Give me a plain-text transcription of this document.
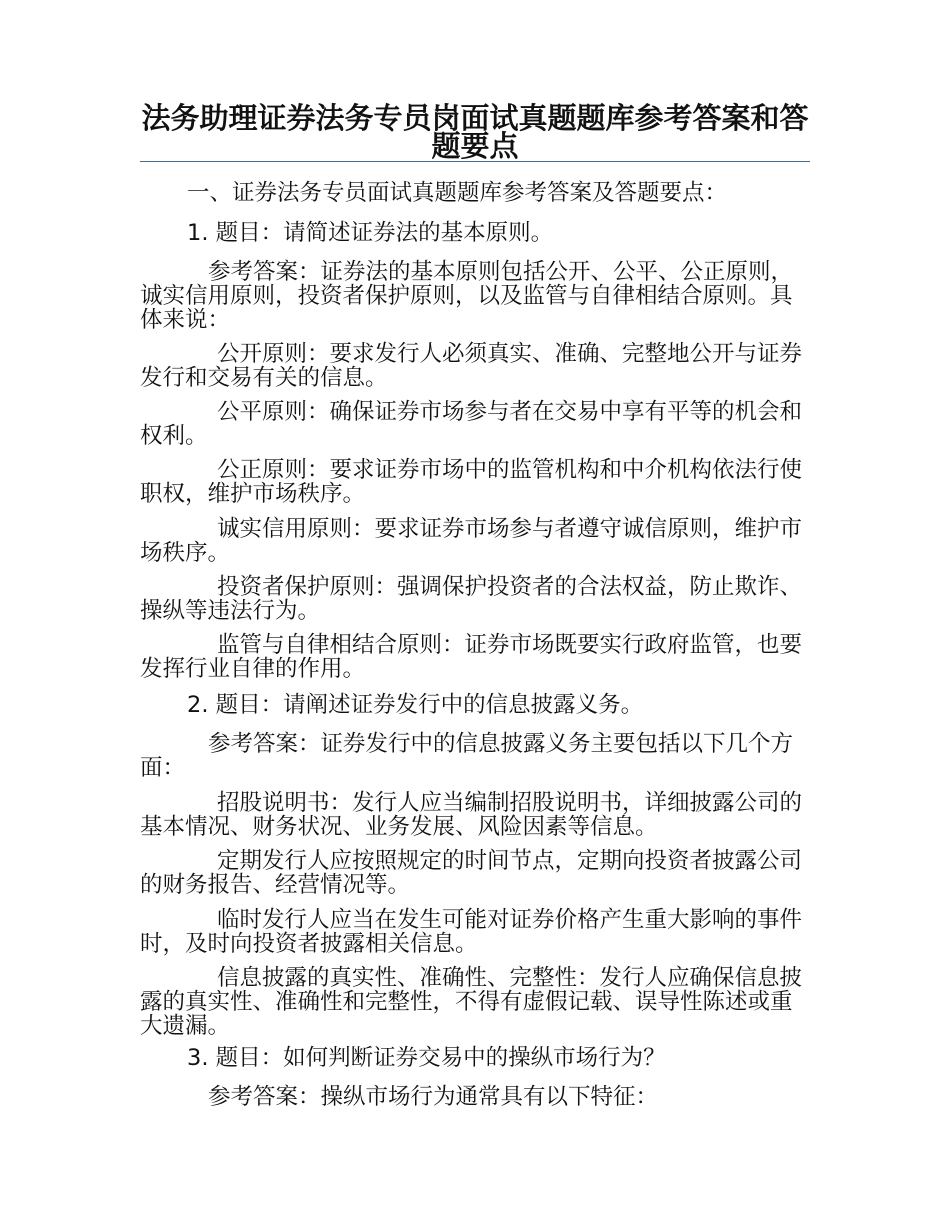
法务助理证券法务专员岗面试真题题库参考答案和答题要点
一、证券法务专员面试真题题库参考答案及答题要点：
1. 题目：请简述证券法的基本原则。
参考答案：证券法的基本原则包括公开、公平、公正原则，诚实信用原则，投资者保护原则，以及监管与自律相结合原则。具体来说：
公开原则：要求发行人必须真实、准确、完整地公开与证券发行和交易有关的信息。
公平原则：确保证券市场参与者在交易中享有平等的机会和权利。
公正原则：要求证券市场中的监管机构和中介机构依法行使职权，维护市场秩序。
诚实信用原则：要求证券市场参与者遵守诚信原则，维护市场秩序。
投资者保护原则：强调保护投资者的合法权益，防止欺诈、操纵等违法行为。
监管与自律相结合原则：证券市场既要实行政府监管，也要发挥行业自律的作用。
2. 题目：请阐述证券发行中的信息披露义务。
参考答案：证券发行中的信息披露义务主要包括以下几个方面：
招股说明书：发行人应当编制招股说明书，详细披露公司的基本情况、财务状况、业务发展、风险因素等信息。
定期发行人应按照规定的时间节点，定期向投资者披露公司的财务报告、经营情况等。
临时发行人应当在发生可能对证券价格产生重大影响的事件时，及时向投资者披露相关信息。
信息披露的真实性、准确性、完整性：发行人应确保信息披露的真实性、准确性和完整性，不得有虚假记载、误导性陈述或重大遗漏。
3. 题目：如何判断证券交易中的操纵市场行为？
参考答案：操纵市场行为通常具有以下特征：
